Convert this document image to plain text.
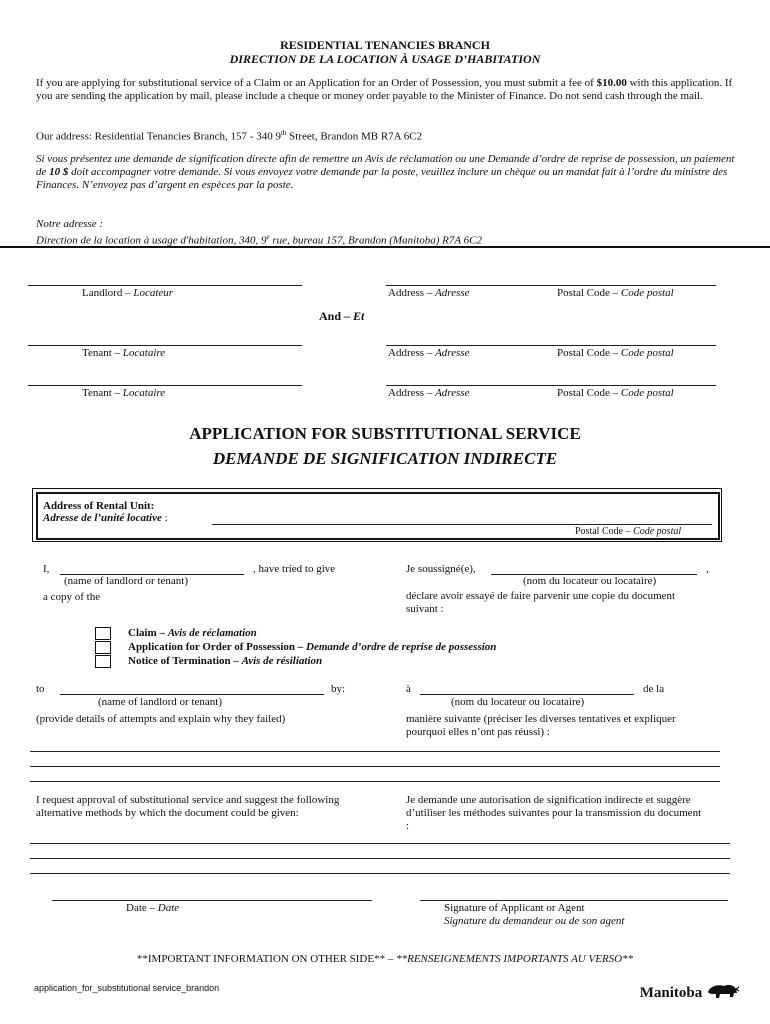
RESIDENTIAL TENANCIES BRANCH
DIRECTION DE LA LOCATION À USAGE D’HABITATION

If you are applying for substitutional service of a Claim or an Application for an Order of Possession, you must submit a fee of $10.00 with this application. If you are sending the application by mail, please include a cheque or money order payable to the Minister of Finance. Do not send cash through the mail.

Our address: Residential Tenancies Branch, 157 - 340 9th Street, Brandon MB R7A 6C2

Si vous présentez une demande de signification directe afin de remettre un Avis de réclamation ou une Demande d’ordre de reprise de possession, un paiement de 10 $ doit accompagner votre demande. Si vous envoyez votre demande par la poste, veuillez inclure un chèque ou un mandat fait à l’ordre du ministre des Finances. N’envoyez pas d’argent en espèces par la poste.

Notre adresse :

Direction de la location à usage d'habitation, 340, 9e rue, bureau 157, Brandon (Manitoba) R7A 6C2

Landlord – Locateur	Address – Adresse	Postal Code – Code postal
And – Et
Tenant – Locataire	Address – Adresse	Postal Code – Code postal
Tenant – Locataire	Address – Adresse	Postal Code – Code postal
APPLICATION FOR SUBSTITUTIONAL SERVICE
DEMANDE DE SIGNIFICATION INDIRECTE
Address of Rental Unit:
Adresse de l’unité locative :
Postal Code – Code postal
I,	, have tried to give
(name of landlord or tenant)
a copy of the
Je soussigné(e),	,
(nom du locateur ou locataire)
déclare avoir essayé de faire parvenir une copie du document suivant :
Claim – Avis de réclamation
Application for Order of Possession – Demande d’ordre de reprise de possession
Notice of Termination – Avis de résiliation
to	by:
(name of landlord or tenant)
(provide details of attempts and explain why they failed)
à	de la
(nom du locateur ou locataire)
manière suivante (préciser les diverses tentatives et expliquer pourquoi elles n’ont pas réussi) :
I request approval of substitutional service and suggest the following alternative methods by which the document could be given:
Je demande une autorisation de signification indirecte et suggère d’utiliser les méthodes suivantes pour la transmission du document :
Date – Date	Signature of Applicant or Agent
Signature du demandeur ou de son agent
**IMPORTANT INFORMATION ON OTHER SIDE** – **RENSEIGNEMENTS IMPORTANTS AU VERSO**
application_for_substitutional service_brandon	Manitoba
